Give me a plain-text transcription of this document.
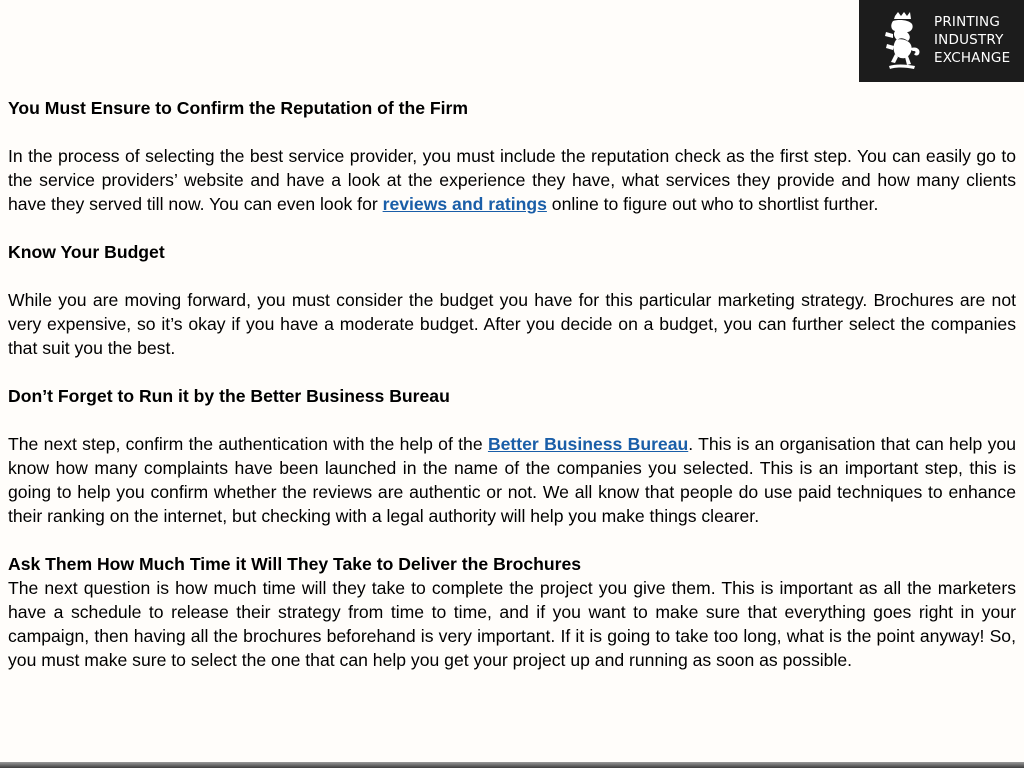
PRINTING
INDUSTRY
EXCHANGE
You Must Ensure to Confirm the Reputation of the Firm

In the process of selecting the best service provider, you must include the reputation check as the first step. You can easily go to the service providers’ website and have a look at the experience they have, what services they provide and how many clients have they served till now. You can even look for reviews and ratings online to figure out who to shortlist further.

Know Your Budget

While you are moving forward, you must consider the budget you have for this particular marketing strategy. Brochures are not very expensive, so it’s okay if you have a moderate budget. After you decide on a budget, you can further select the companies that suit you the best.

Don’t Forget to Run it by the Better Business Bureau

The next step, confirm the authentication with the help of the Better Business Bureau. This is an organisation that can help you know how many complaints have been launched in the name of the companies you selected. This is an important step, this is going to help you confirm whether the reviews are authentic or not. We all know that people do use paid techniques to enhance their ranking on the internet, but checking with a legal authority will help you make things clearer.

Ask Them How Much Time it Will They Take to Deliver the Brochures

The next question is how much time will they take to complete the project you give them. This is important as all the marketers have a schedule to release their strategy from time to time, and if you want to make sure that everything goes right in your campaign, then having all the brochures beforehand is very important. If it is going to take too long, what is the point anyway! So, you must make sure to select the one that can help you get your project up and running as soon as possible.
